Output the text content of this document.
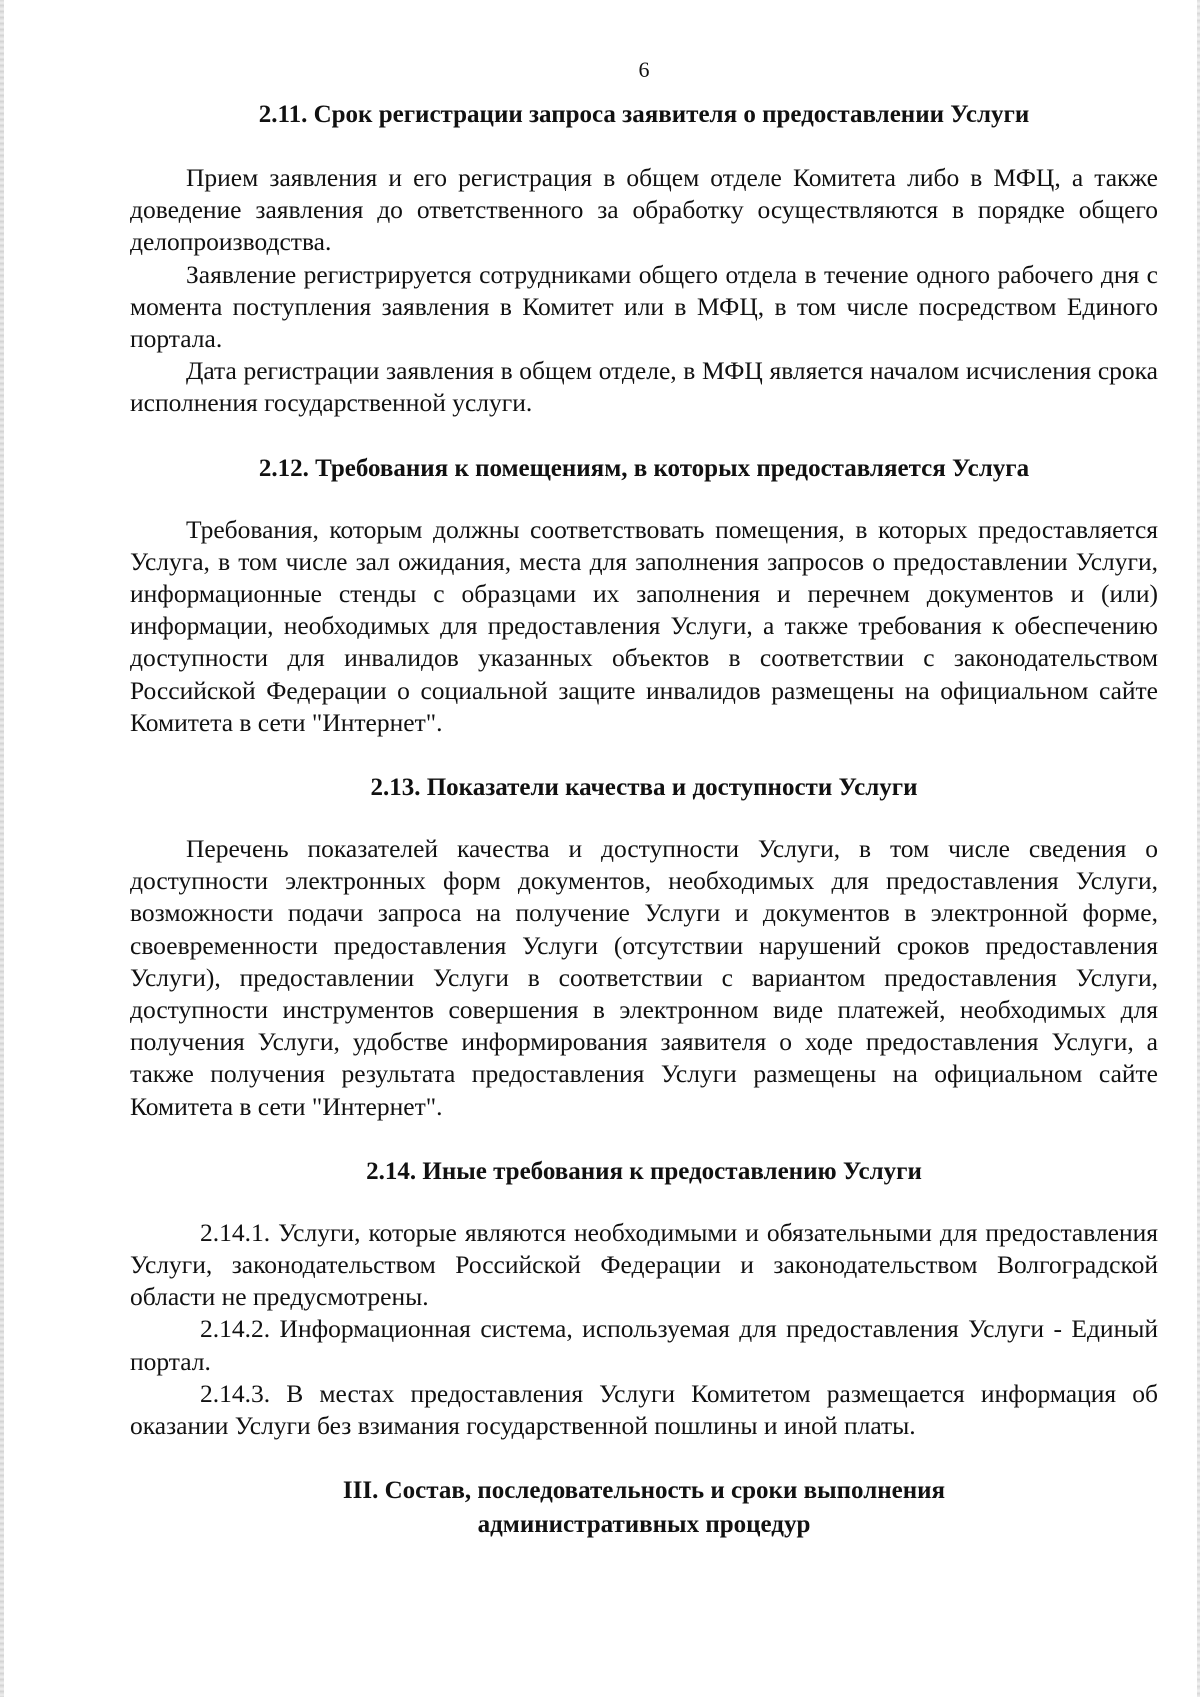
6
2.11. Срок регистрации запроса заявителя о предоставлении Услуги

Прием заявления и его регистрация в общем отделе Комитета либо в МФЦ, а также доведение заявления до ответственного за обработку осуществляются в порядке общего делопроизводства.

Заявление регистрируется сотрудниками общего отдела в течение одного рабочего дня с момента поступления заявления в Комитет или в МФЦ, в том числе посредством Единого портала.

Дата регистрации заявления в общем отделе, в МФЦ является началом исчисления срока исполнения государственной услуги.

2.12. Требования к помещениям, в которых предоставляется Услуга

Требования, которым должны соответствовать помещения, в которых предоставляется Услуга, в том числе зал ожидания, места для заполнения запросов о предоставлении Услуги, информационные стенды с образцами их заполнения и перечнем документов и (или) информации, необходимых для предоставления Услуги, а также требования к обеспечению доступности для инвалидов указанных объектов в соответствии с законодательством Российской Федерации о социальной защите инвалидов размещены на официальном сайте Комитета в сети "Интернет".

2.13. Показатели качества и доступности Услуги

Перечень показателей качества и доступности Услуги, в том числе сведения о доступности электронных форм документов, необходимых для предоставления Услуги, возможности подачи запроса на получение Услуги и документов в электронной форме, своевременности предоставления Услуги (отсутствии нарушений сроков предоставления Услуги), предоставлении Услуги в соответствии с вариантом предоставления Услуги, доступности инструментов совершения в электронном виде платежей, необходимых для получения Услуги, удобстве информирования заявителя о ходе предоставления Услуги, а также получения результата предоставления Услуги размещены на официальном сайте Комитета в сети "Интернет".

2.14. Иные требования к предоставлению Услуги

2.14.1. Услуги, которые являются необходимыми и обязательными для предоставления Услуги, законодательством Российской Федерации и законодательством Волгоградской области не предусмотрены.

2.14.2. Информационная система, используемая для предоставления Услуги - Единый портал.

2.14.3. В местах предоставления Услуги Комитетом размещается информация об оказании Услуги без взимания государственной пошлины и иной платы.

III. Состав, последовательность и сроки выполнения
административных процедур
